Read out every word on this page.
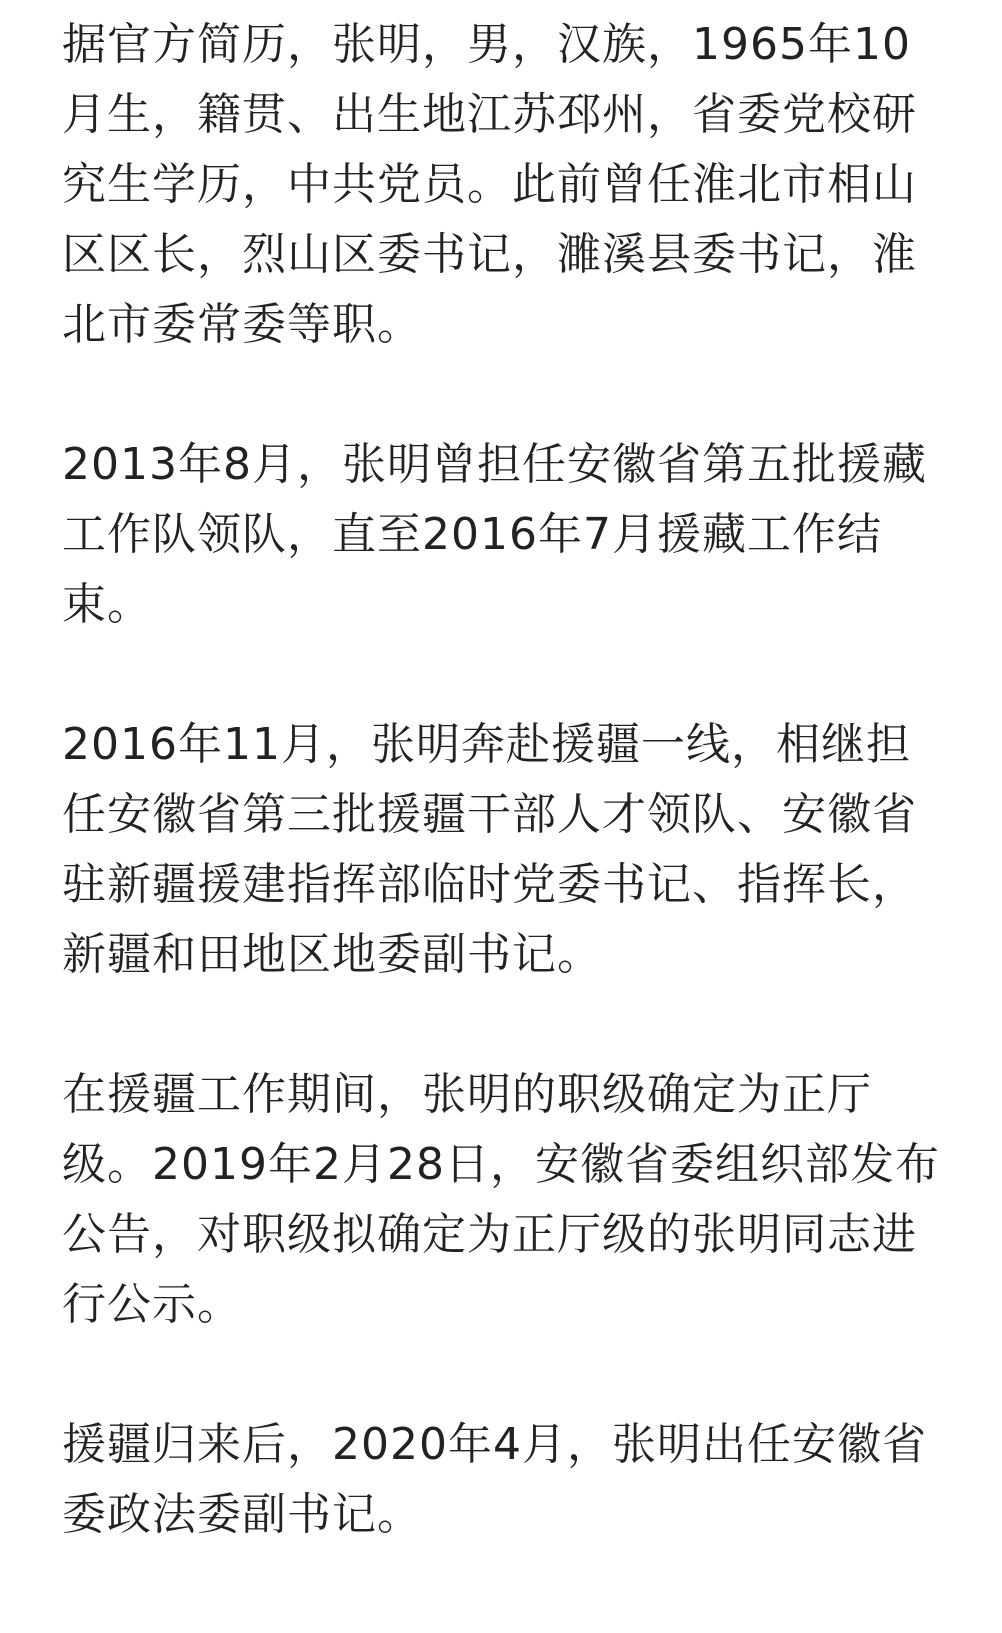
据官方简历，张明，男，汉族，1965年10月生，籍贯、出生地江苏邳州，省委党校研究生学历，中共党员。此前曾任淮北市相山区区长，烈山区委书记，濉溪县委书记，淮北市委常委等职。

2013年8月，张明曾担任安徽省第五批援藏工作队领队，直至2016年7月援藏工作结束。

2016年11月，张明奔赴援疆一线，相继担任安徽省第三批援疆干部人才领队、安徽省驻新疆援建指挥部临时党委书记、指挥长，新疆和田地区地委副书记。

在援疆工作期间，张明的职级确定为正厅级。2019年2月28日，安徽省委组织部发布公告，对职级拟确定为正厅级的张明同志进行公示。

援疆归来后，2020年4月，张明出任安徽省委政法委副书记。
